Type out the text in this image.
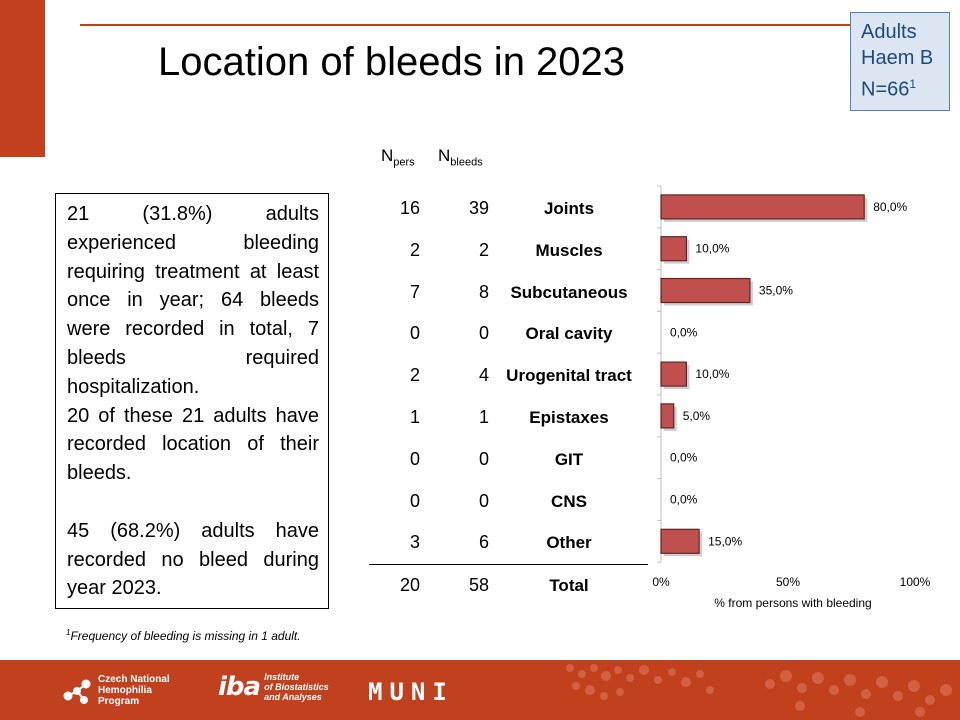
Location of bleeds in 2023
Adults
Haem B
$N=66^1$

21 (31.8%) adults experienced bleeding requiring treatment at least once in year; 64 bleeds were recorded in total, 7 bleeds required hospitalization.

20 of these 21 adults have recorded location of their bleeds.

45 (68.2%) adults have recorded no bleed during year 2023.

$^1$Frequency of bleeding is missing in 1 adult.
$N_{pers}$ $N_{bleeds}$
16	39	Joints
2	2	Muscles
7	8	Subcutaneous
0	0	Oral cavity
2	4	Urogenital tract
1	1	Epistaxes
0	0	GIT
0	0	CNS
3	6	Other
20	58	Total
80,0%
10,0%
35,0%
0,0%
10,0%
5,0%
0,0%
0,0%
15,0%
0%	50%	100%
% from persons with bleeding
Czech National
Hemophilia
Program	iba Institute
of Biostatistics
and Analyses MUNI
